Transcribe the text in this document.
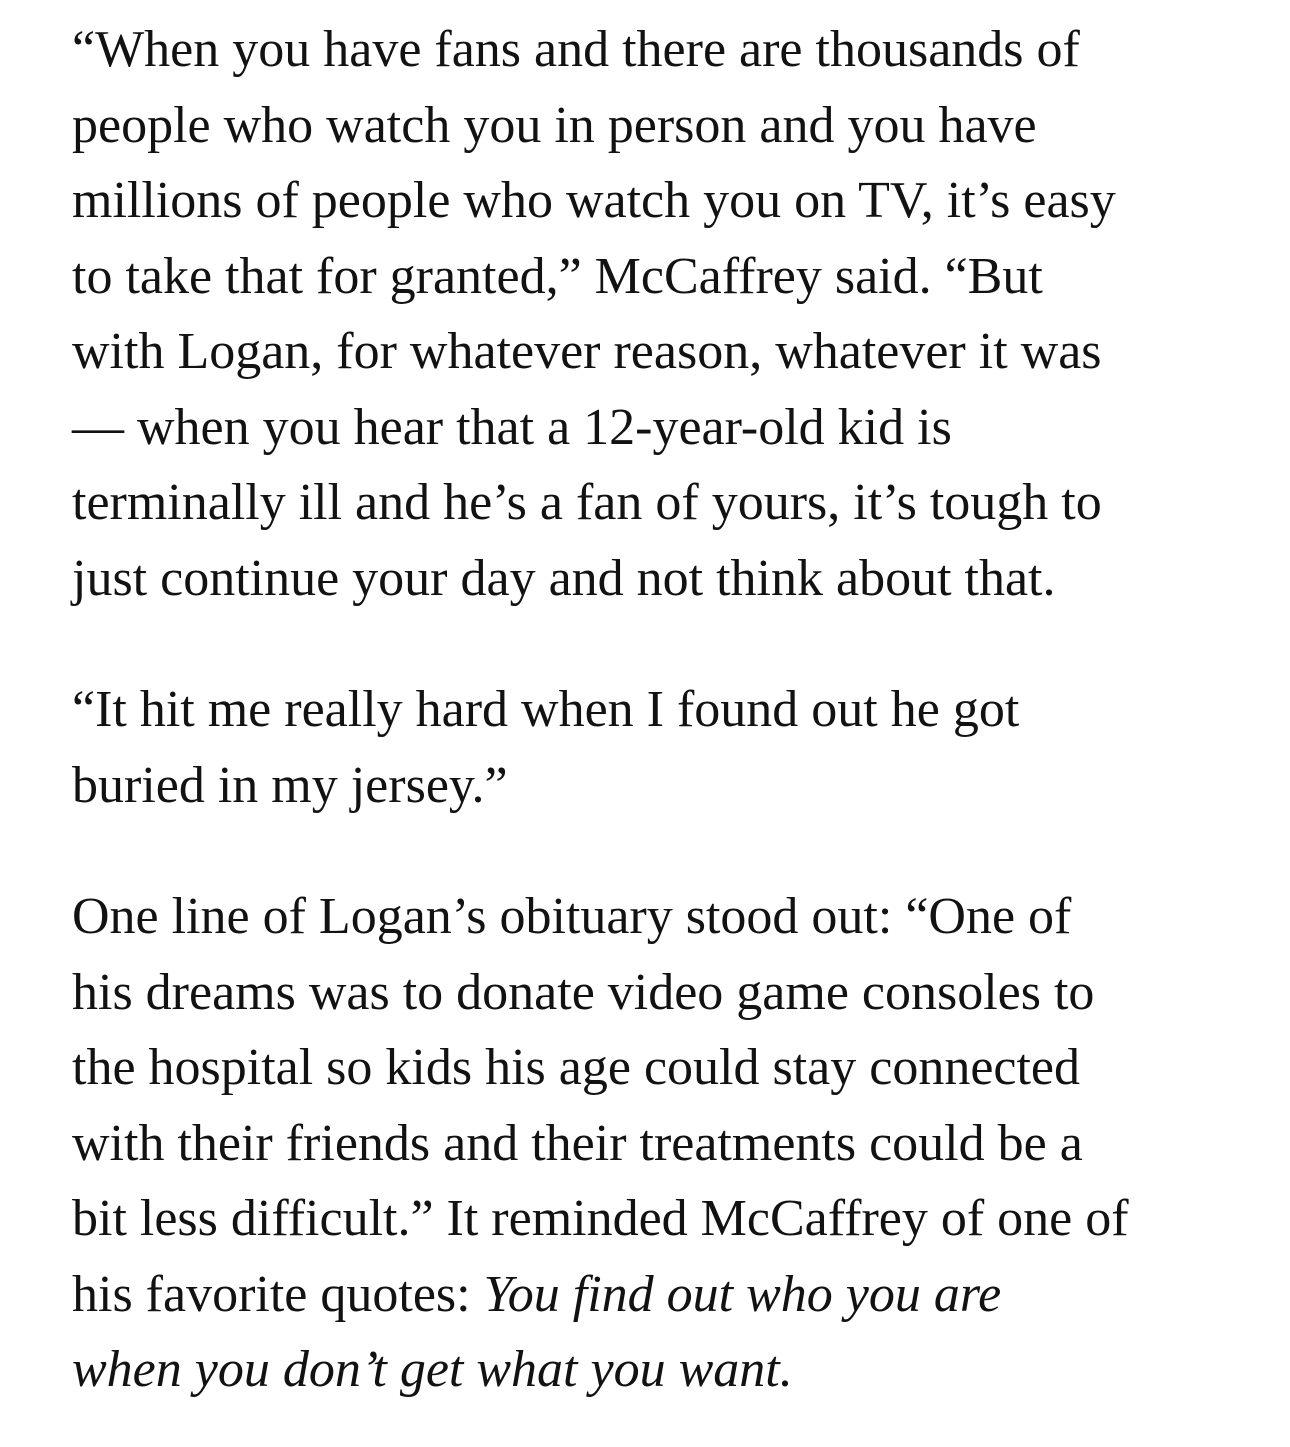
“When you have fans and there are thousands of
people who watch you in person and you have
millions of people who watch you on TV, it’s easy
to take that for granted,” McCaffrey said. “But
with Logan, for whatever reason, whatever it was
— when you hear that a 12-year-old kid is
terminally ill and he’s a fan of yours, it’s tough to
just continue your day and not think about that.

“It hit me really hard when I found out he got
buried in my jersey.”

One line of Logan’s obituary stood out: “One of
his dreams was to donate video game consoles to
the hospital so kids his age could stay connected
with their friends and their treatments could be a
bit less difficult.” It reminded McCaffrey of one of
his favorite quotes: You find out who you are
when you don’t get what you want.
